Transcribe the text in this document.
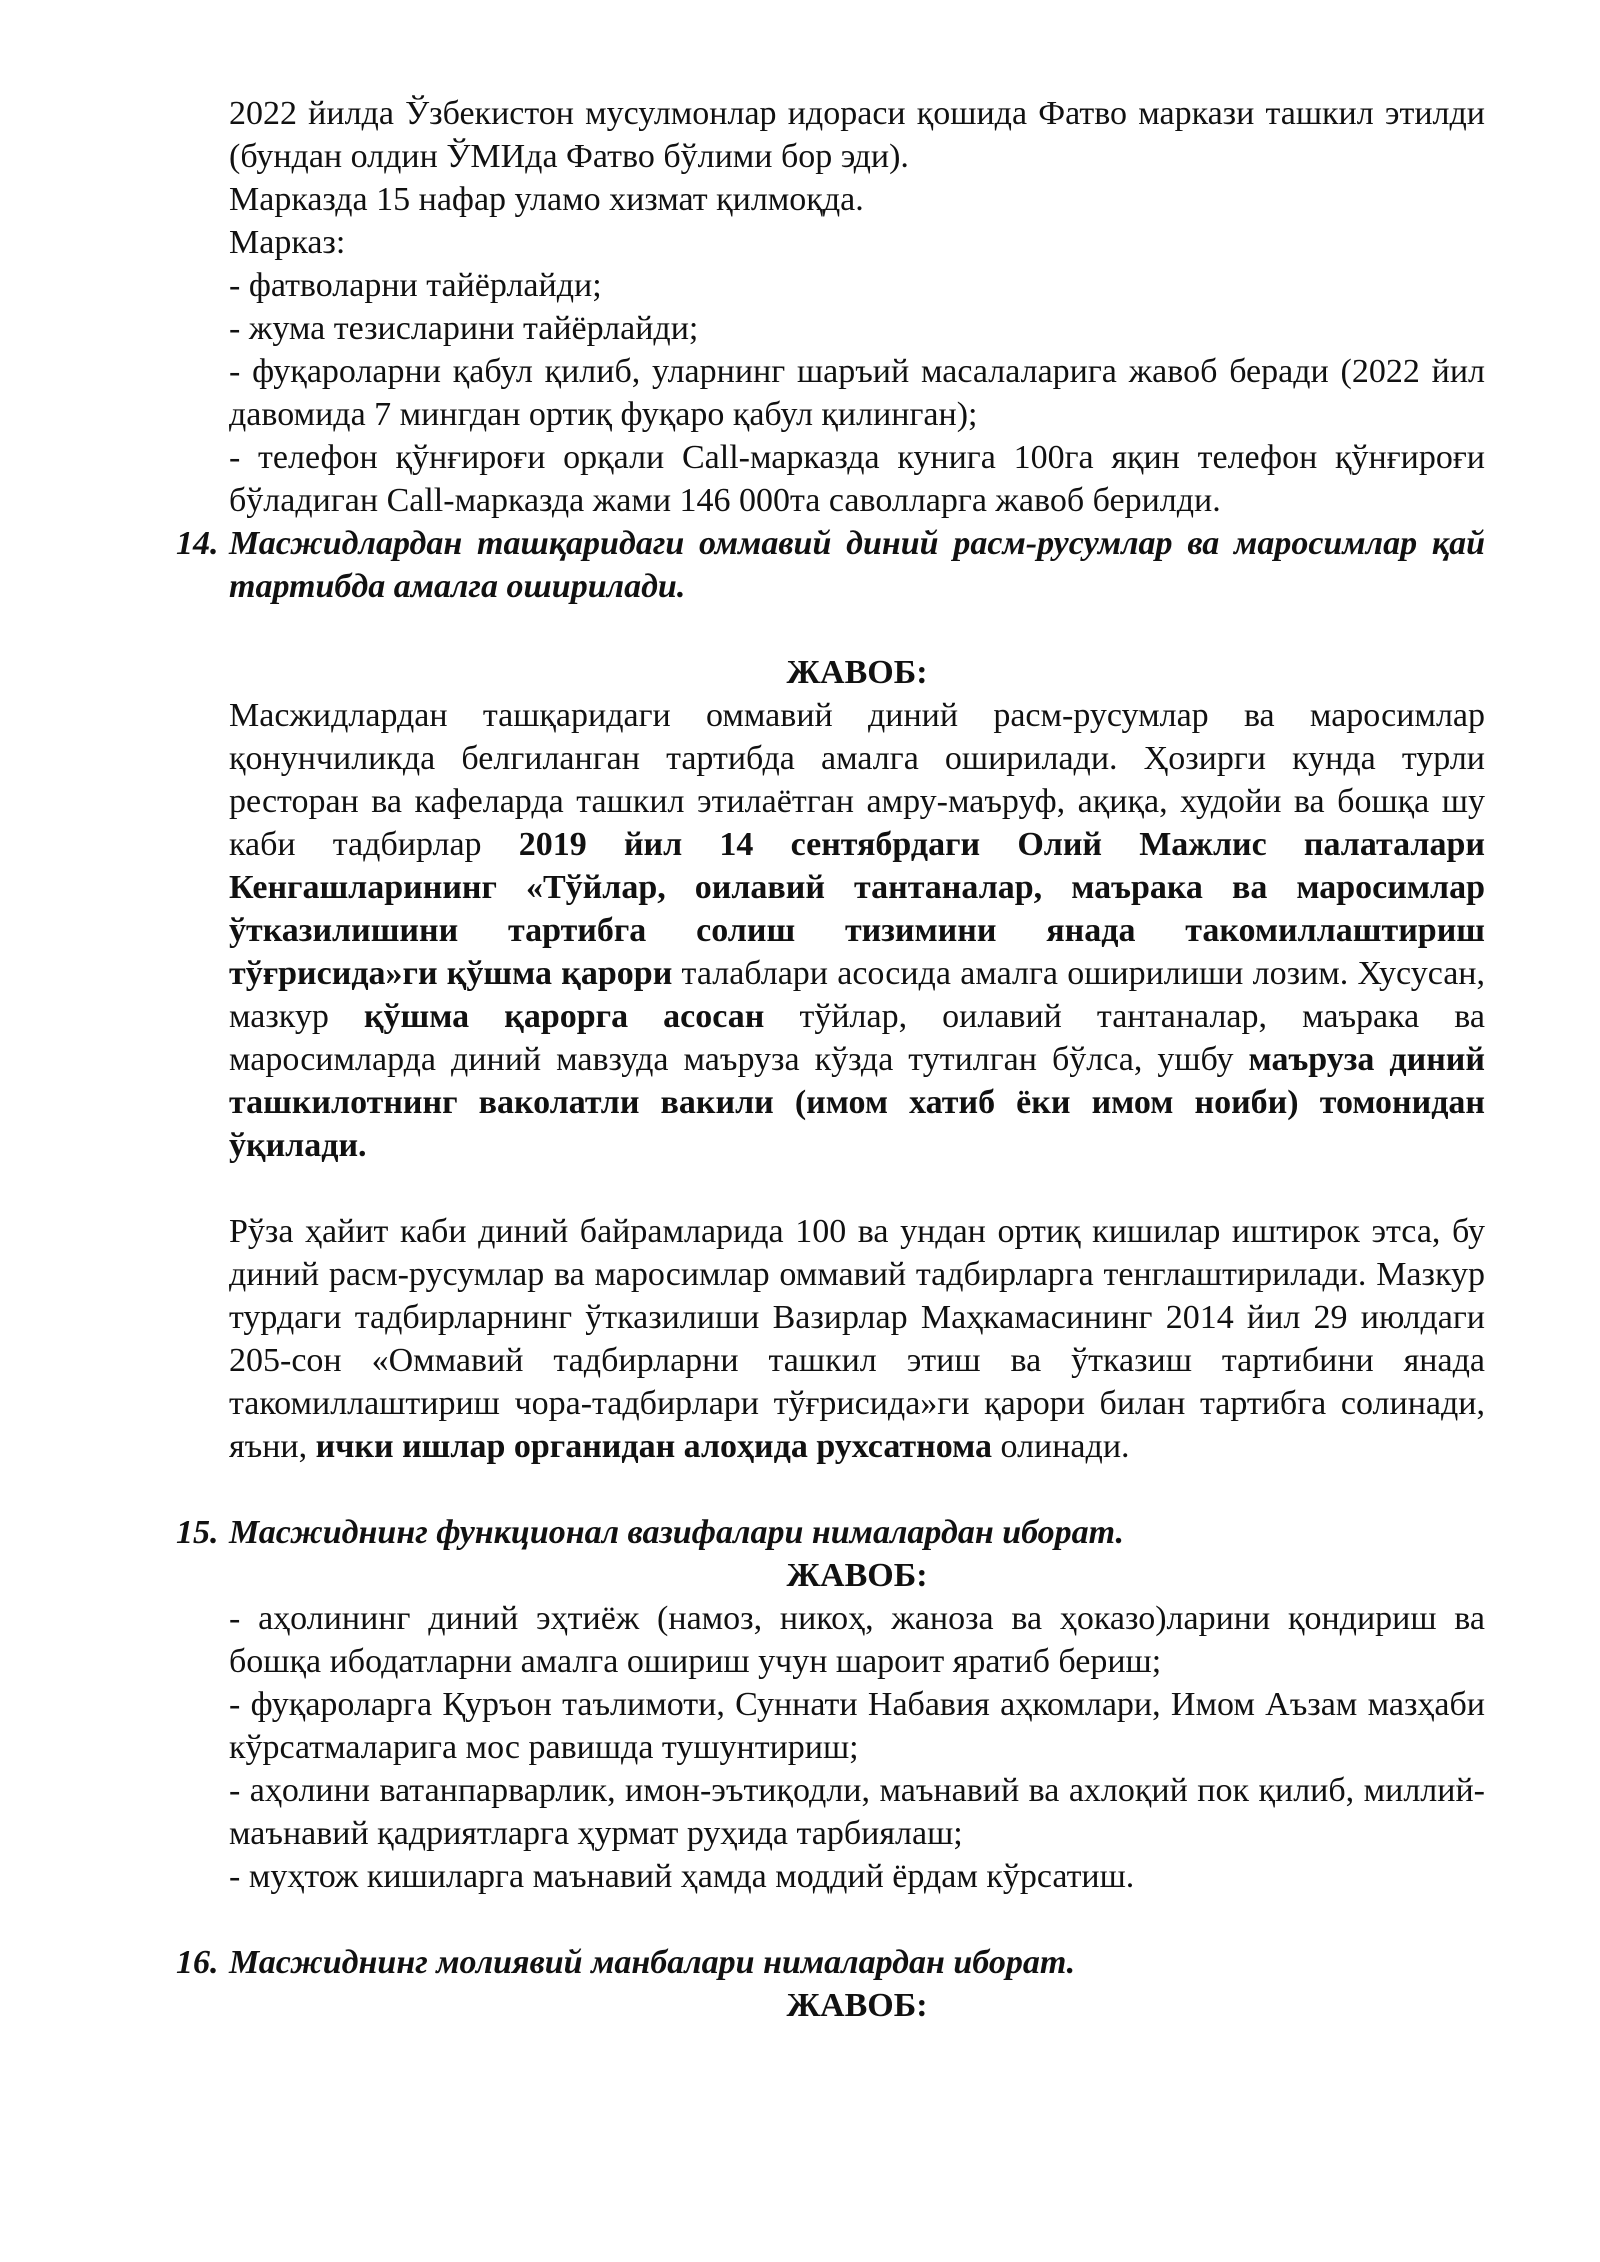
2022 йилда Ўзбекистон мусулмонлар идораси қошида Фатво маркази ташкил этилди (бундан олдин ЎМИда Фатво бўлими бор эди).

Марказда 15 нафар уламо хизмат қилмоқда.

Марказ:

- фатволарни тайёрлайди;

- жума тезисларини тайёрлайди;

- фуқароларни қабул қилиб, уларнинг шаръий масалаларига жавоб беради (2022 йил давомида 7 мингдан ортиқ фуқаро қабул қилинган);

- телефон қўнғироғи орқали Call-марказда кунига 100га яқин телефон қўнғироғи бўладиган Call-марказда жами 146 000та саволларга жавоб берилди.

14. Масжидлардан ташқаридаги оммавий диний расм-русумлар ва маросимлар қай тартибда амалга оширилади.

ЖАВОБ:

Масжидлардан ташқаридаги оммавий диний расм-русумлар ва маросимлар қонунчиликда белгиланган тартибда амалга оширилади. Ҳозирги кунда турли ресторан ва кафеларда ташкил этилаётган амру-маъруф, ақиқа, худойи ва бошқа шу каби тадбирлар 2019 йил 14 сентябрдаги Олий Мажлис палаталари Кенгашларининг «Тўйлар, оилавий тантаналар, маърака ва маросимлар ўтказилишини тартибга солиш тизимини янада такомиллаштириш тўғрисида»ги қўшма қарори талаблари асосида амалга оширилиши лозим. Хусусан, мазкур қўшма қарорга асосан тўйлар, оилавий тантаналар, маърака ва маросимларда диний мавзуда маъруза кўзда тутилган бўлса, ушбу маъруза диний ташкилотнинг ваколатли вакили (имом хатиб ёки имом ноиби) томонидан ўқилади.

Рўза ҳайит каби диний байрамларида 100 ва ундан ортиқ кишилар иштирок этса, бу диний расм-русумлар ва маросимлар оммавий тадбирларга тенглаштирилади. Мазкур турдаги тадбирларнинг ўтказилиши Вазирлар Маҳкамасининг 2014 йил 29 июлдаги 205-сон «Оммавий тадбирларни ташкил этиш ва ўтказиш тартибини янада такомиллаштириш чора-тадбирлари тўғрисида»ги қарори билан тартибга солинади, яъни, ички ишлар органидан алоҳида рухсатнома олинади.

15. Масжиднинг функционал вазифалари нималардан иборат.

ЖАВОБ:

- аҳолининг диний эҳтиёж (намоз, никоҳ, жаноза ва ҳоказо)ларини қондириш ва бошқа ибодатларни амалга ошириш учун шароит яратиб бериш;

- фуқароларга Қуръон таълимоти, Суннати Набавия аҳкомлари, Имом Аъзам мазҳаби кўрсатмаларига мос равишда тушунтириш;

- аҳолини ватанпарварлик, имон-эътиқодли, маънавий ва ахлоқий пок қилиб, миллий-маънавий қадриятларга ҳурмат руҳида тарбиялаш;

- муҳтож кишиларга маънавий ҳамда моддий ёрдам кўрсатиш.

16. Масжиднинг молиявий манбалари нималардан иборат.

ЖАВОБ:
